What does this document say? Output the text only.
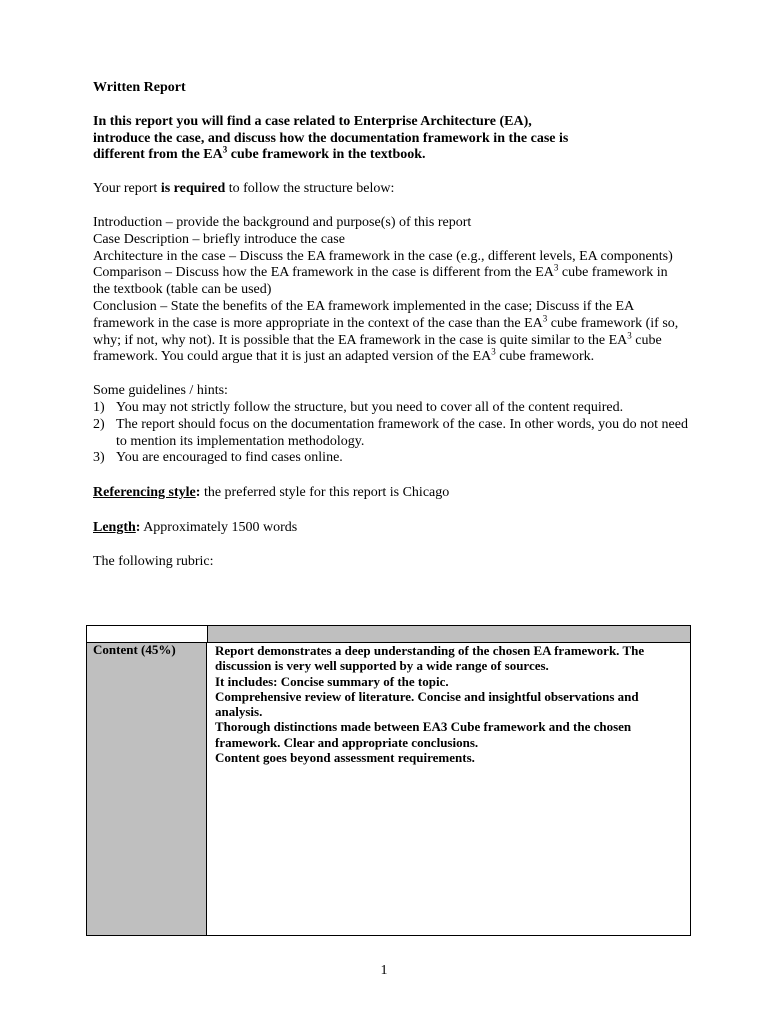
Written Report

In this report you will find a case related to Enterprise Architecture (EA),
introduce the case, and discuss how the documentation framework in the case is
different from the $EA^3$ cube framework in the textbook.

Your report is required to follow the structure below:

Introduction – provide the background and purpose(s) of this report

Case Description – briefly introduce the case

Architecture in the case – Discuss the EA framework in the case (e.g., different levels, EA components)

Comparison – Discuss how the EA framework in the case is different from the $EA^3$ cube framework in the textbook (table can be used)

Conclusion – State the benefits of the EA framework implemented in the case; Discuss if the EA framework in the case is more appropriate in the context of the case than the $EA^3$ cube framework (if so, why; if not, why not). It is possible that the EA framework in the case is quite similar to the $EA^3$ cube framework. You could argue that it is just an adapted version of the $EA^3$ cube framework.

Some guidelines / hints:

1) You may not strictly follow the structure, but you need to cover all of the content required.
2) The report should focus on the documentation framework of the case. In other words, you do not need to mention its implementation methodology.
3) You are encouraged to find cases online.

Referencing style: the preferred style for this report is Chicago

Length: Approximately 1500 words

The following rubric:

Content (45%)	Report demonstrates a deep understanding of the chosen EA framework. The discussion is very well supported by a wide range of sources.
It includes: Concise summary of the topic.
Comprehensive review of literature. Concise and insightful observations and analysis.
Thorough distinctions made between EA3 Cube framework and the chosen framework. Clear and appropriate conclusions.
Content goes beyond assessment requirements.
1
